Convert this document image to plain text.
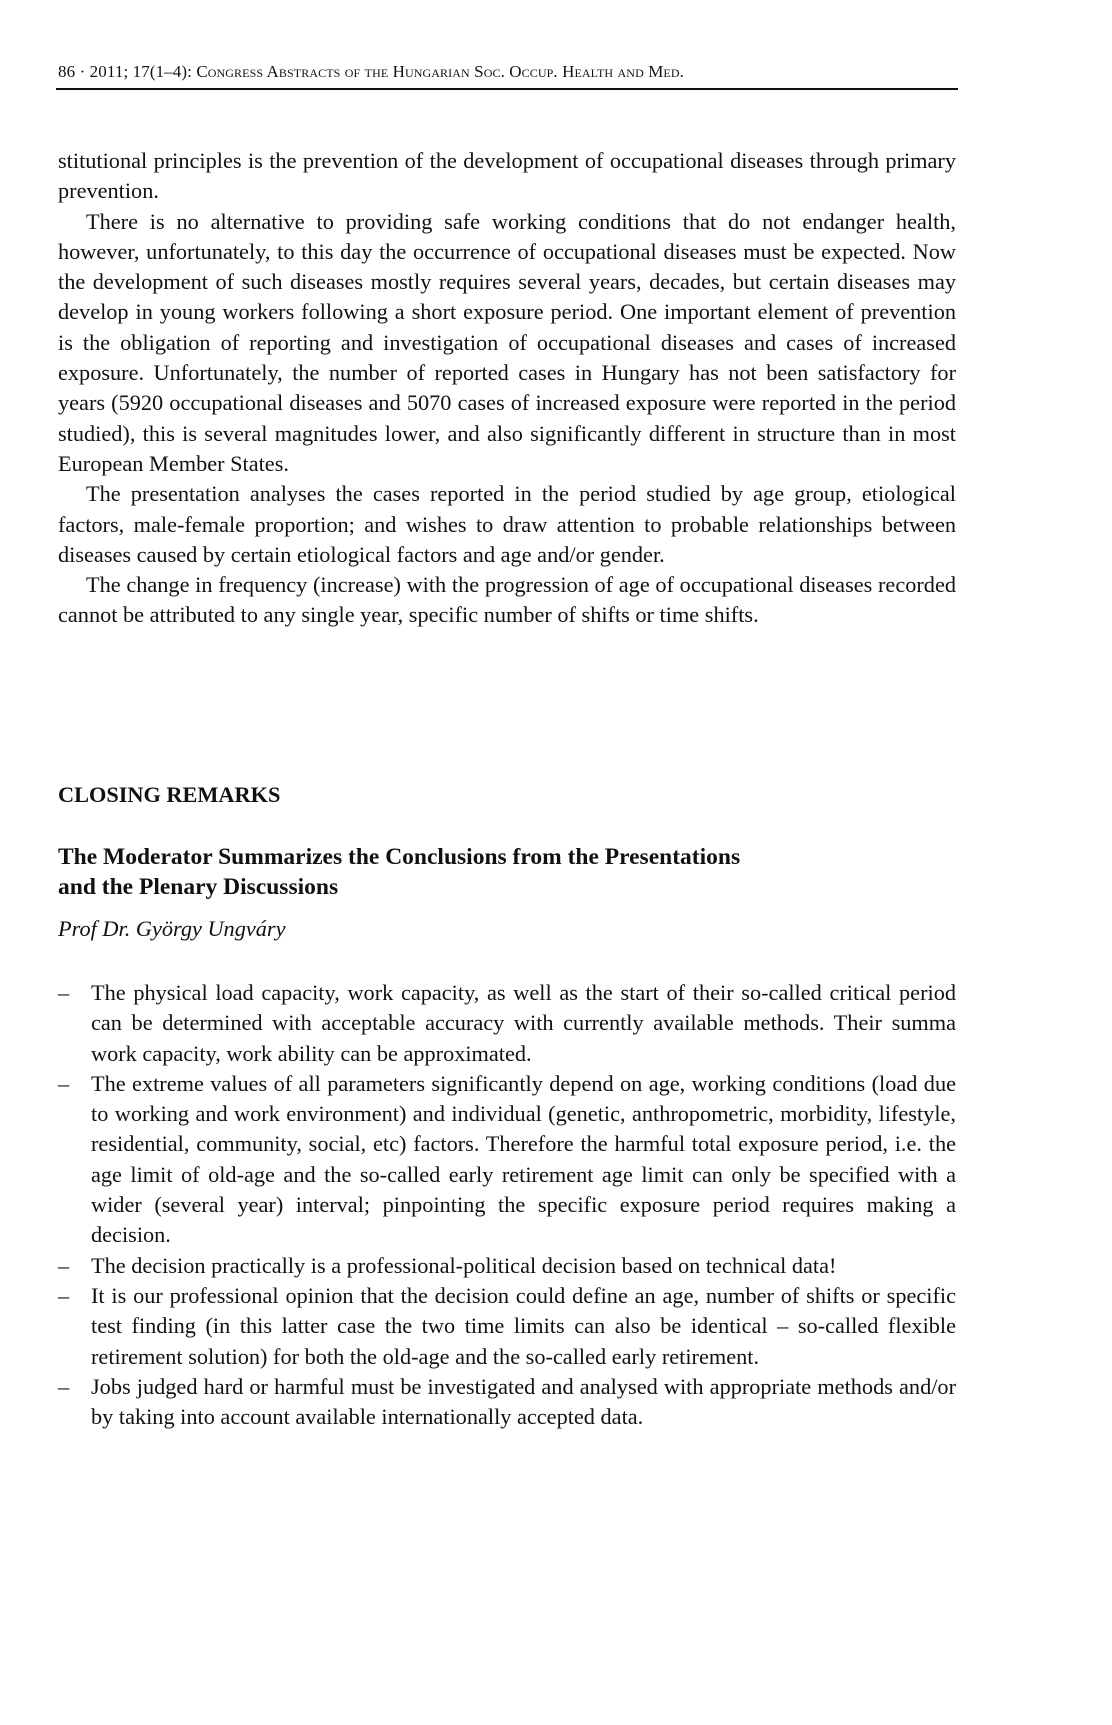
86 · 2011; 17(1–4): Congress Abstracts of the Hungarian Soc. Occup. Health and Med.

stitutional principles is the prevention of the development of occupational diseases through primary prevention.

There is no alternative to providing safe working conditions that do not endanger health, however, unfortunately, to this day the occurrence of occupational diseases must be expected. Now the development of such diseases mostly requires several years, decades, but certain diseases may develop in young workers following a short exposure period. One important element of prevention is the obligation of reporting and investigation of occupational diseases and cases of increased exposure. Unfortunately, the number of reported cases in Hungary has not been satisfactory for years (5920 occupational diseases and 5070 cases of increased exposure were reported in the period studied), this is several magnitudes lower, and also significantly different in structure than in most European Member States.

The presentation analyses the cases reported in the period studied by age group, etiological factors, male-female proportion; and wishes to draw attention to probable relationships between diseases caused by certain etiological factors and age and/or gender.

The change in frequency (increase) with the progression of age of occupational diseases recorded cannot be attributed to any single year, specific number of shifts or time shifts.

CLOSING REMARKS
The Moderator Summarizes the Conclusions from the Presentations
and the Plenary Discussions
Prof Dr. György Ungváry
– The physical load capacity, work capacity, as well as the start of their so-called critical period can be determined with acceptable accuracy with currently available methods. Their summa work capacity, work ability can be approximated.
– The extreme values of all parameters significantly depend on age, working conditions (load due to working and work environment) and individual (genetic, anthropometric, morbidity, lifestyle, residential, community, social, etc) factors. Therefore the harmful total exposure period, i.e. the age limit of old-age and the so-called early retirement age limit can only be specified with a wider (several year) interval; pinpointing the specific exposure period requires making a decision.
– The decision practically is a professional-political decision based on technical data!
– It is our professional opinion that the decision could define an age, number of shifts or specific test finding (in this latter case the two time limits can also be identical – so-called flexible retirement solution) for both the old-age and the so-called early retirement.
– Jobs judged hard or harmful must be investigated and analysed with appropriate methods and/or by taking into account available internationally accepted data.
